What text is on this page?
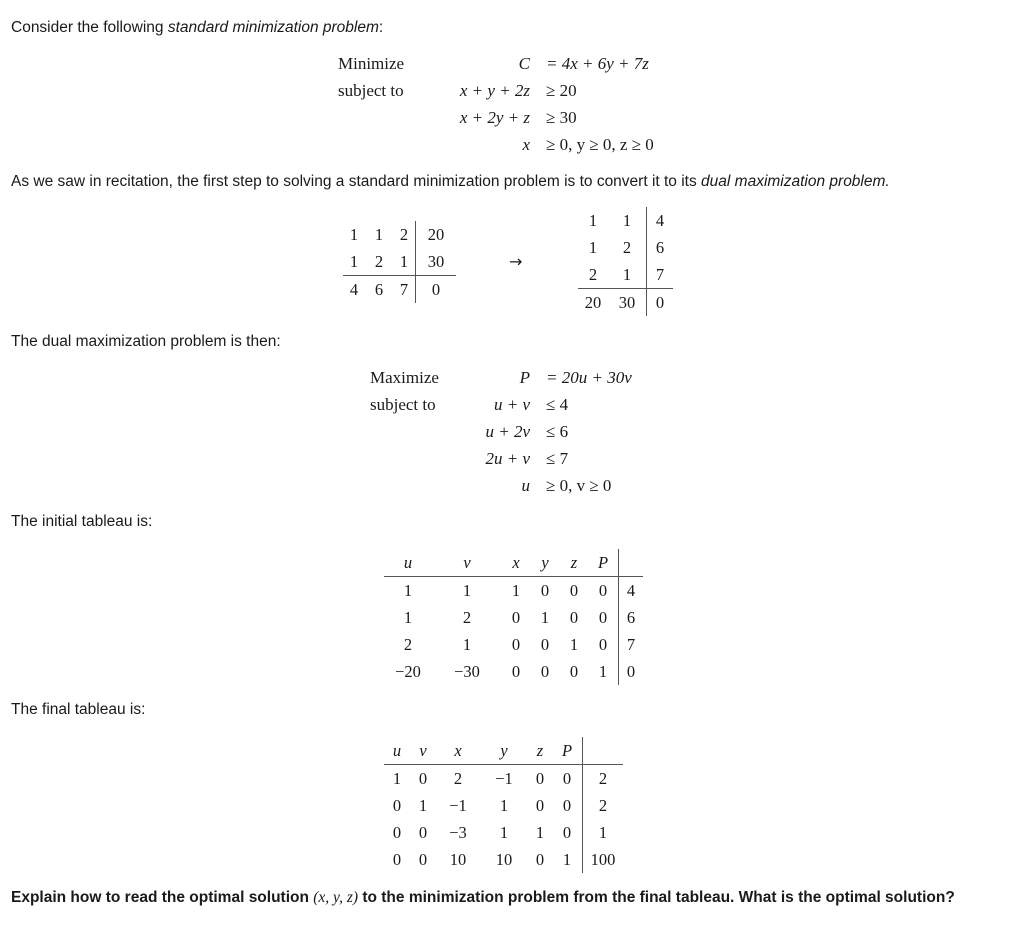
Consider the following standard minimization problem:
Minimize
subject to
C = 4x + 6y + 7z
x + y + 2z ≥ 20
x + 2y + z ≥ 30
x ≥ 0, y ≥ 0, z ≥ 0
As we saw in recitation, the first step to solving a standard minimization problem is to convert it to its dual maximization problem.
1	1	2	20
1	2	1	30
4	6	7	0
→
1	1	4
1	2	6
2	1	7
20	30	0
The dual maximization problem is then:
Maximize
subject to
P = 20u + 30v
u + v ≤ 4
u + 2v ≤ 6
2u + v ≤ 7
u ≥ 0, v ≥ 0
The initial tableau is:
u	v	x	y	z	P	
1	1	1	0	0	0	4
1	2	0	1	0	0	6
2	1	0	0	1	0	7
−20	−30	0	0	0	1	0
The final tableau is:
u	v	x	y	z	P	
1	0	2	−1	0	0	2
0	1	−1	1	0	0	2
0	0	−3	1	1	0	1
0	0	10	10	0	1	100
Explain how to read the optimal solution (x, y, z) to the minimization problem from the final tableau. What is the optimal solution?
